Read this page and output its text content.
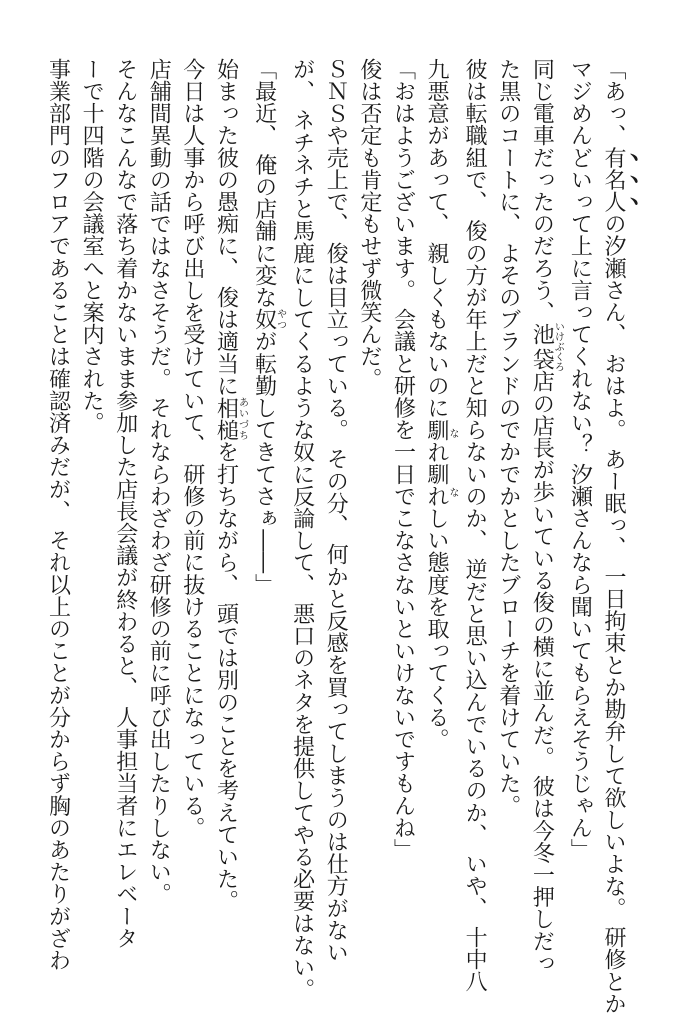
「あっ、有名人の汐瀬さん、 おはよ。 あー眠っ、 一日拘束とか勘弁して欲しいよな。 研修とか
マジめんどいって上に言ってくれない？ 汐瀬さんなら聞いてもらえそうじゃん」
同じ電車だったのだろう、池袋いけぶくろ店の店長が歩いている俊の横に並んだ。 彼は今冬一押しだっ
た黒のコートに、 よそのブランドのでかでかとしたブローチを着けていた。
彼は転職組で、 俊の方が年上だと知らないのか、 逆だと思い込んでいるのか、 いや、 十中八
九悪意があって、 親しくもないのに馴れ馴れな　なしい態度を取ってくる。
「おはようございます。 会議と研修を一日でこなさないといけないですもんね」
俊は否定も肯定もせず微笑んだ。
ＳＮＳや売上で、 俊は目立っている。 その分、 何かと反感を買ってしまうのは仕方がない
が、 ネチネチと馬鹿にしてくるような奴に反論して、 悪口のネタを提供してやる必要はない。
「最近、 俺の店舗に変な奴やつが転勤してきてさぁ――」
始まった彼の愚痴に、 俊は適当に相槌あいづちを打ちながら、 頭では別のことを考えていた。
今日は人事から呼び出しを受けていて、 研修の前に抜けることになっている。
店舗間異動の話ではなさそうだ。 それならわざわざ研修の前に呼び出したりしない。
そんなこんなで落ち着かないまま参加した店長会議が終わると、 人事担当者にエレベータ
ーで十四階の会議室へと案内された。
事業部門のフロアであることは確認済みだが、 それ以上のことが分からず胸のあたりがざわ
